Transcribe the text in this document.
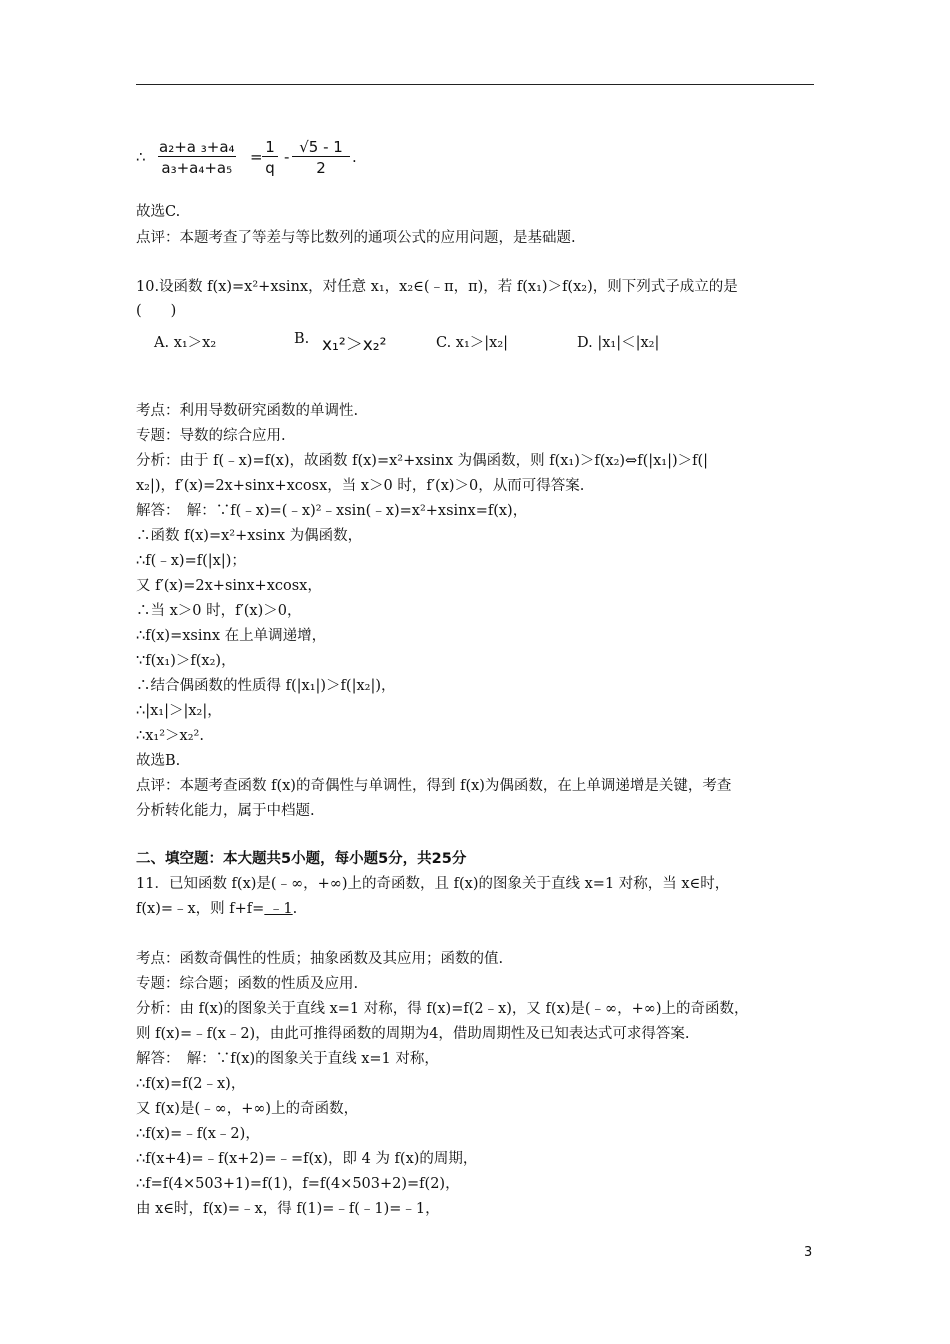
∴ $\frac{\text{a₂+a ₃+a₄}}{\text{a₃+a₄+a₅}} = \frac{1}{q} - \frac{√5 - 1}{2}$ .
故选C.
点评：本题考查了等差与等比数列的通项公式的应用问题，是基础题.
10.设函数 f(x)=x²+xsinx，对任意 x₁，x₂∈(﹣π，π)，若 f(x₁)＞f(x₂)，则下列式子成立的是
(　　)
A. x₁＞x₂	B. x₁²＞x₂²	C. x₁＞|x₂|	D. |x₁|＜|x₂|
考点：利用导数研究函数的单调性.
专题：导数的综合应用.
分析：由于 f(﹣x)=f(x)，故函数 f(x)=x²+xsinx 为偶函数，则 f(x₁)＞f(x₂)⇔f(|x₁|)＞f(|
x₂|)，f′(x)=2x+sinx+xcosx，当 x＞0 时，f′(x)＞0，从而可得答案.
解答：　解：∵f(﹣x)=(﹣x)²﹣xsin(﹣x)=x²+xsinx=f(x)，
∴函数 f(x)=x²+xsinx 为偶函数，
∴f(﹣x)=f(|x|)；
又 f′(x)=2x+sinx+xcosx，
∴当 x＞0 时，f′(x)＞0，
∴f(x)=xsinx 在上单调递增，
∵f(x₁)＞f(x₂)，
∴结合偶函数的性质得 f(|x₁|)＞f(|x₂|)，
∴|x₁|＞|x₂|，
∴x₁²＞x₂².
故选B.
点评：本题考查函数 f(x)的奇偶性与单调性，得到 f(x)为偶函数，在上单调递增是关键，考查
分析转化能力，属于中档题.
二、填空题：本大题共5小题，每小题5分，共25分
11．已知函数 f(x)是(﹣∞，+∞)上的奇函数，且 f(x)的图象关于直线 x=1 对称，当 x∈时，
f(x)=﹣x，则 f+f= ﹣1.
考点：函数奇偶性的性质；抽象函数及其应用；函数的值.
专题：综合题；函数的性质及应用.
分析：由 f(x)的图象关于直线 x=1 对称，得 f(x)=f(2﹣x)，又 f(x)是(﹣∞，+∞)上的奇函数，
则 f(x)=﹣f(x﹣2)，由此可推得函数的周期为4，借助周期性及已知表达式可求得答案.
解答：　解：∵f(x)的图象关于直线 x=1 对称，
∴f(x)=f(2﹣x)，
又 f(x)是(﹣∞，+∞)上的奇函数，
∴f(x)=﹣f(x﹣2)，
∴f(x+4)=﹣f(x+2)=﹣=f(x)，即 4 为 f(x)的周期，
∴f=f(4×503+1)=f(1)，f=f(4×503+2)=f(2)，
由 x∈时，f(x)=﹣x，得 f(1)=﹣f(﹣1)=﹣1，
3
